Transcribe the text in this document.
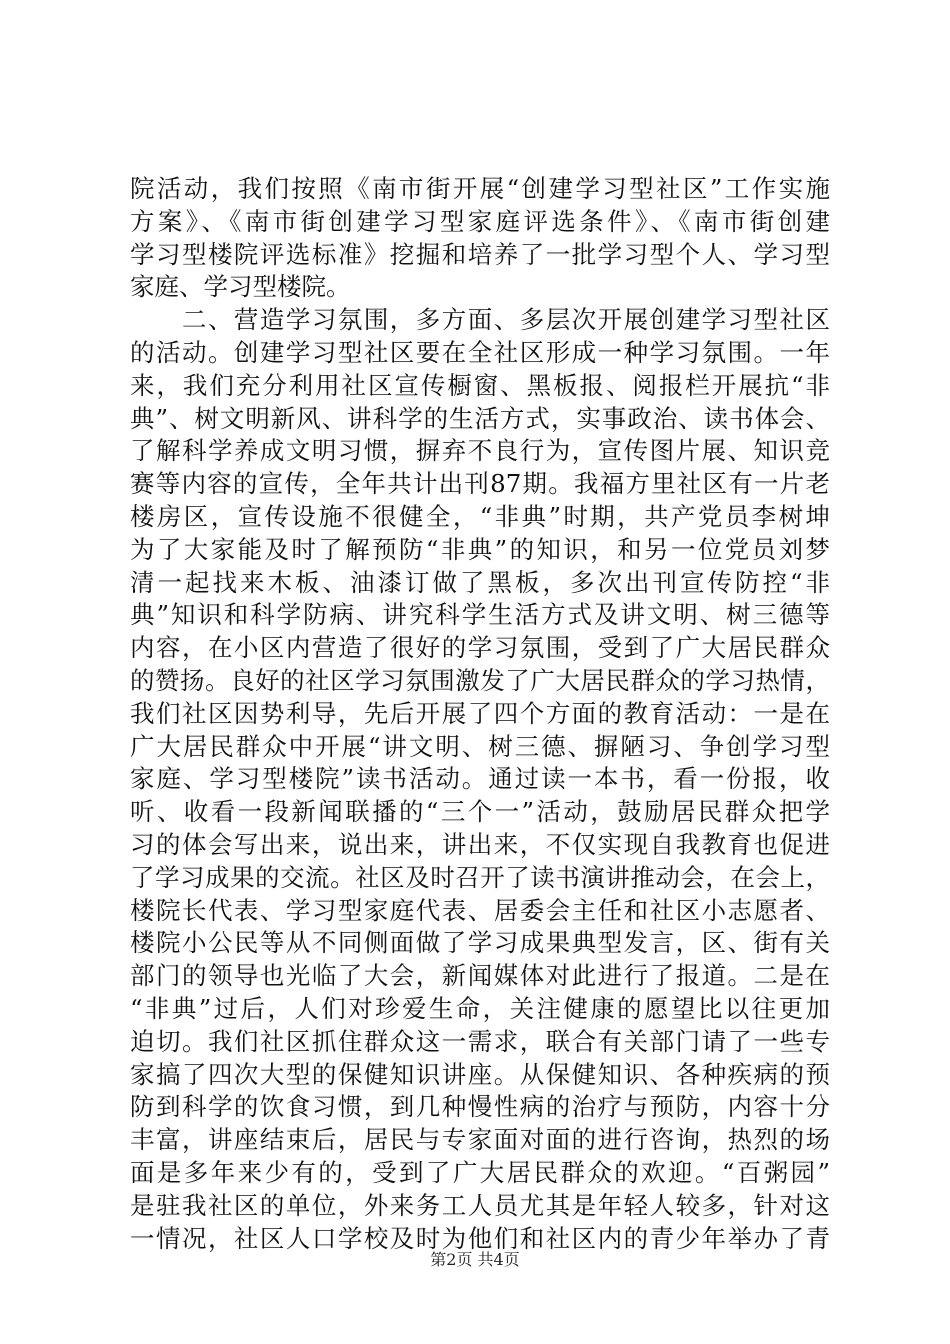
院活动，我们按照《南市街开展“创建学习型社区”工作实施
方案》、《南市街创建学习型家庭评选条件》、《南市街创建
学习型楼院评选标准》挖掘和培养了一批学习型个人、学习型
家庭、学习型楼院。
　　二、营造学习氛围，多方面、多层次开展创建学习型社区
的活动。创建学习型社区要在全社区形成一种学习氛围。一年
来，我们充分利用社区宣传橱窗、黑板报、阅报栏开展抗“非
典”、树文明新风、讲科学的生活方式，实事政治、读书体会、
了解科学养成文明习惯，摒弃不良行为，宣传图片展、知识竞
赛等内容的宣传，全年共计出刊87期。我福方里社区有一片老
楼房区，宣传设施不很健全，“非典”时期，共产党员李树坤
为了大家能及时了解预防“非典”的知识，和另一位党员刘梦
清一起找来木板、油漆订做了黑板，多次出刊宣传防控“非
典”知识和科学防病、讲究科学生活方式及讲文明、树三德等
内容，在小区内营造了很好的学习氛围，受到了广大居民群众
的赞扬。良好的社区学习氛围激发了广大居民群众的学习热情，
我们社区因势利导，先后开展了四个方面的教育活动：一是在
广大居民群众中开展“讲文明、树三德、摒陋习、争创学习型
家庭、学习型楼院”读书活动。通过读一本书，看一份报，收
听、收看一段新闻联播的“三个一”活动，鼓励居民群众把学
习的体会写出来，说出来，讲出来，不仅实现自我教育也促进
了学习成果的交流。社区及时召开了读书演讲推动会，在会上，
楼院长代表、学习型家庭代表、居委会主任和社区小志愿者、
楼院小公民等从不同侧面做了学习成果典型发言，区、街有关
部门的领导也光临了大会，新闻媒体对此进行了报道。二是在
“非典”过后，人们对珍爱生命，关注健康的愿望比以往更加
迫切。我们社区抓住群众这一需求，联合有关部门请了一些专
家搞了四次大型的保健知识讲座。从保健知识、各种疾病的预
防到科学的饮食习惯，到几种慢性病的治疗与预防，内容十分
丰富，讲座结束后，居民与专家面对面的进行咨询，热烈的场
面是多年来少有的，受到了广大居民群众的欢迎。“百粥园”
是驻我社区的单位，外来务工人员尤其是年轻人较多，针对这
一情况，社区人口学校及时为他们和社区内的青少年举办了青
第2页 共4页
